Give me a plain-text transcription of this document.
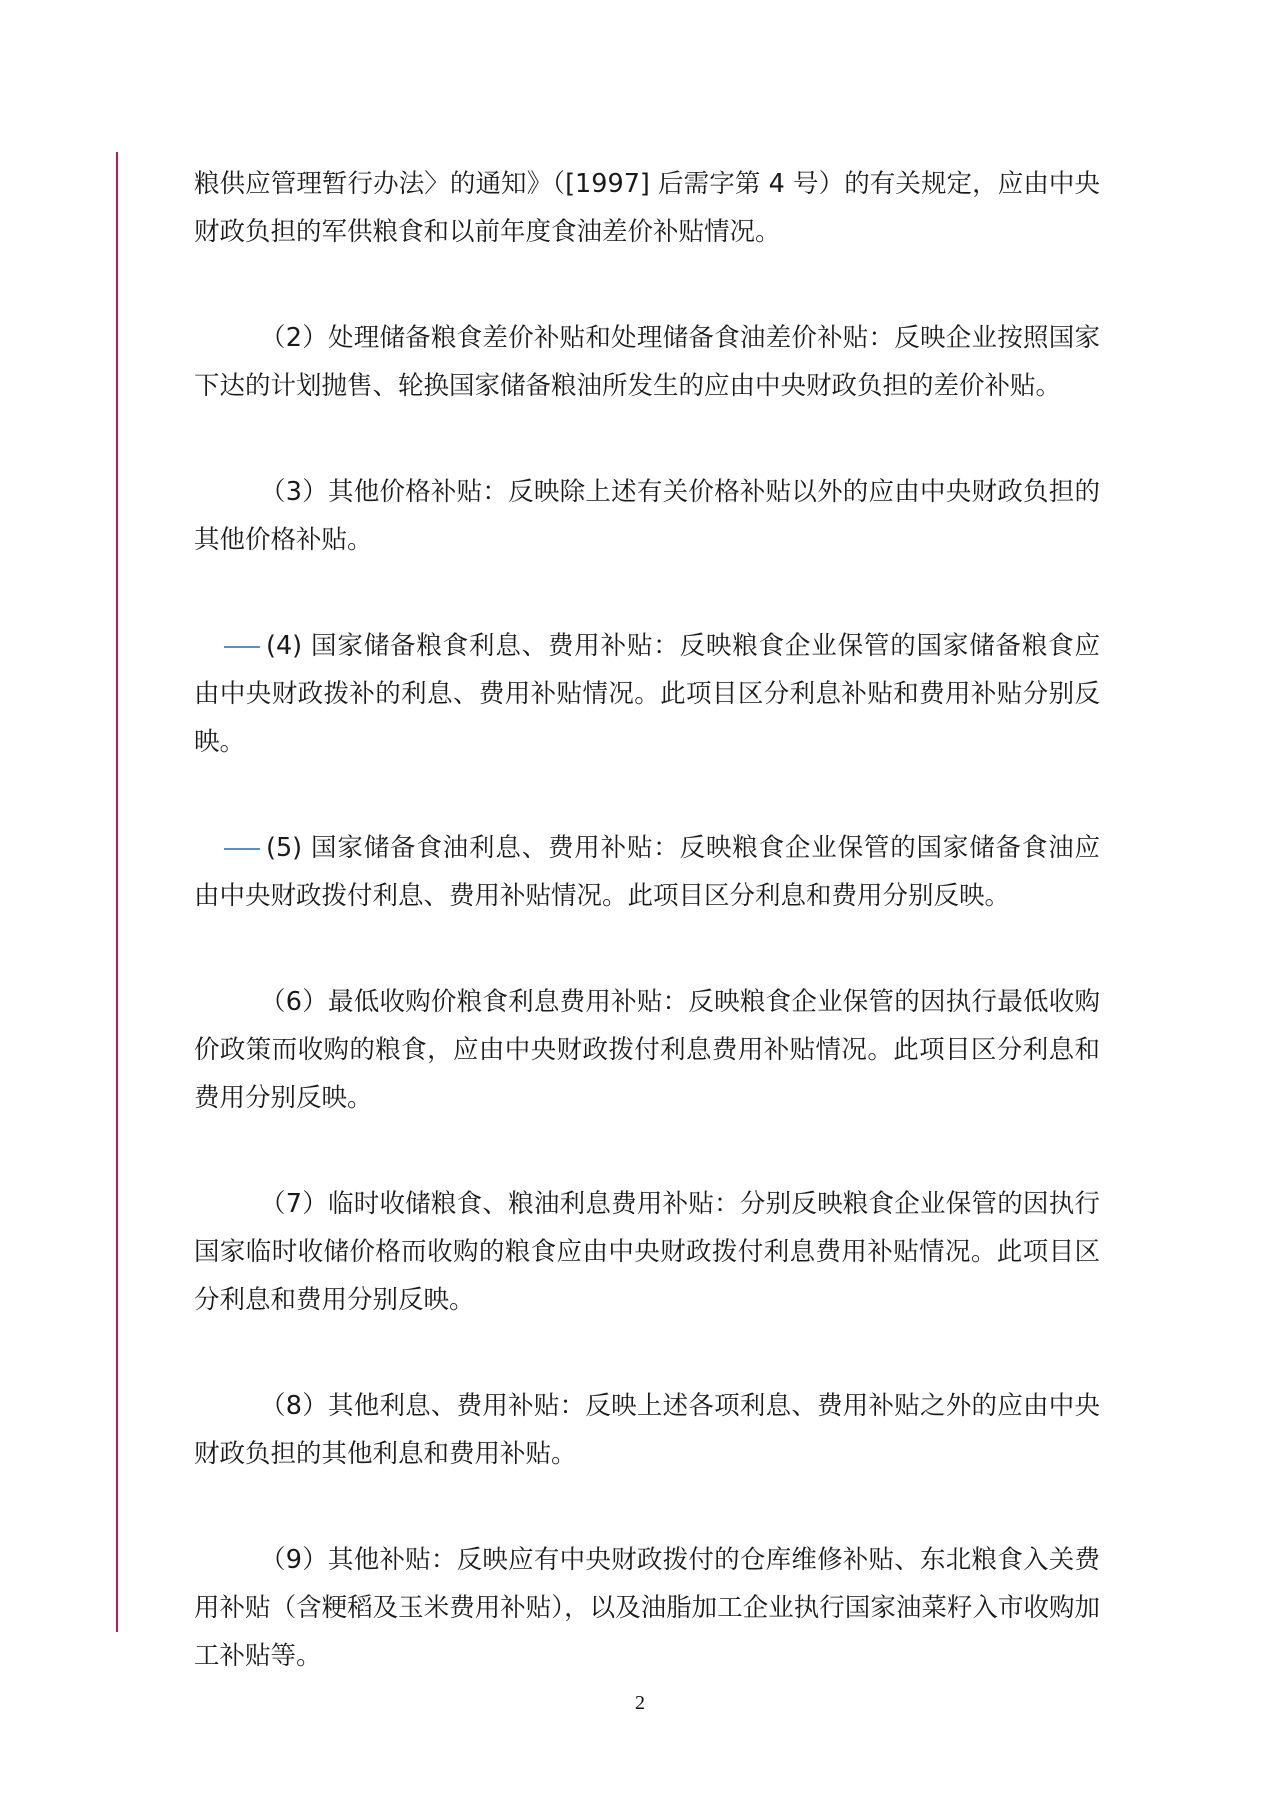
粮供应管理暂行办法〉的通知》（[1997] 后需字第 4 号）的有关规定，应由中央财政负担的军供粮食和以前年度食油差价补贴情况。

（2）处理储备粮食差价补贴和处理储备食油差价补贴：反映企业按照国家下达的计划抛售、轮换国家储备粮油所发生的应由中央财政负担的差价补贴。

（3）其他价格补贴：反映除上述有关价格补贴以外的应由中央财政负担的其他价格补贴。

(4) 国家储备粮食利息、费用补贴：反映粮食企业保管的国家储备粮食应由中央财政拨补的利息、费用补贴情况。此项目区分利息补贴和费用补贴分别反映。

(5) 国家储备食油利息、费用补贴：反映粮食企业保管的国家储备食油应由中央财政拨付利息、费用补贴情况。此项目区分利息和费用分别反映。

（6）最低收购价粮食利息费用补贴：反映粮食企业保管的因执行最低收购价政策而收购的粮食，应由中央财政拨付利息费用补贴情况。此项目区分利息和费用分别反映。

（7）临时收储粮食、粮油利息费用补贴：分别反映粮食企业保管的因执行国家临时收储价格而收购的粮食应由中央财政拨付利息费用补贴情况。此项目区分利息和费用分别反映。

（8）其他利息、费用补贴：反映上述各项利息、费用补贴之外的应由中央财政负担的其他利息和费用补贴。

（9）其他补贴：反映应有中央财政拨付的仓库维修补贴、东北粮食入关费用补贴（含粳稻及玉米费用补贴），以及油脂加工企业执行国家油菜籽入市收购加工补贴等。

2
